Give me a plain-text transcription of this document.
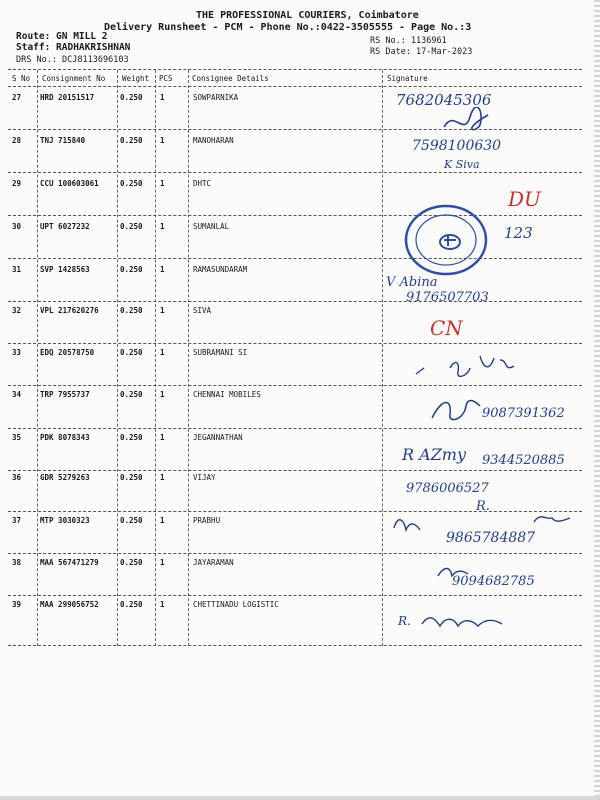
THE PROFESSIONAL COURIERS, Coimbatore
Delivery Runsheet - PCM - Phone No.:0422-3505555 - Page No.:3
Route: GN MILL 2
Staff: RADHAKRISHNAN
DRS No.: DCJ8113696103
RS No.: 1136961
RS Date: 17-Mar-2023
S No Consignment No Weight PCS	Consignee Details	Signature
27	HRD 20151517	0.250 1	SOWPARNIKA	7682045306
28	TNJ 715840	0.250 1	MANOHARAN	7598100630
K Siva
29	CCU 100603061	0.250 1	DHTC
DU
30	UPT 6027232	0.250 1	SUMANLAL	123
31	SVP 1428563	0.250 1	RAMASUNDARAM
V Abina
9176507703
32	VPL 217620276	0.250 1	SIVA
CN
33	EDQ 20578750	0.250 1	SUBRAMANI SI
34	TRP 7955737	0.250 1	CHENNAI MOBILES
9087391362
35	PDK 8078343	0.250 1	JEGANNATHAN
R AZmy 9344520885
36	GDR 5279263	0.250 1	VIJAY
9786006527
R.
37	MTP 3030323	0.250 1	PRABHU
9865784887
38	MAA 567471279	0.250 1	JAYARAMAN
9094682785
39	MAA 299056752	0.250 1	CHETTINADU LOGISTIC
R.
